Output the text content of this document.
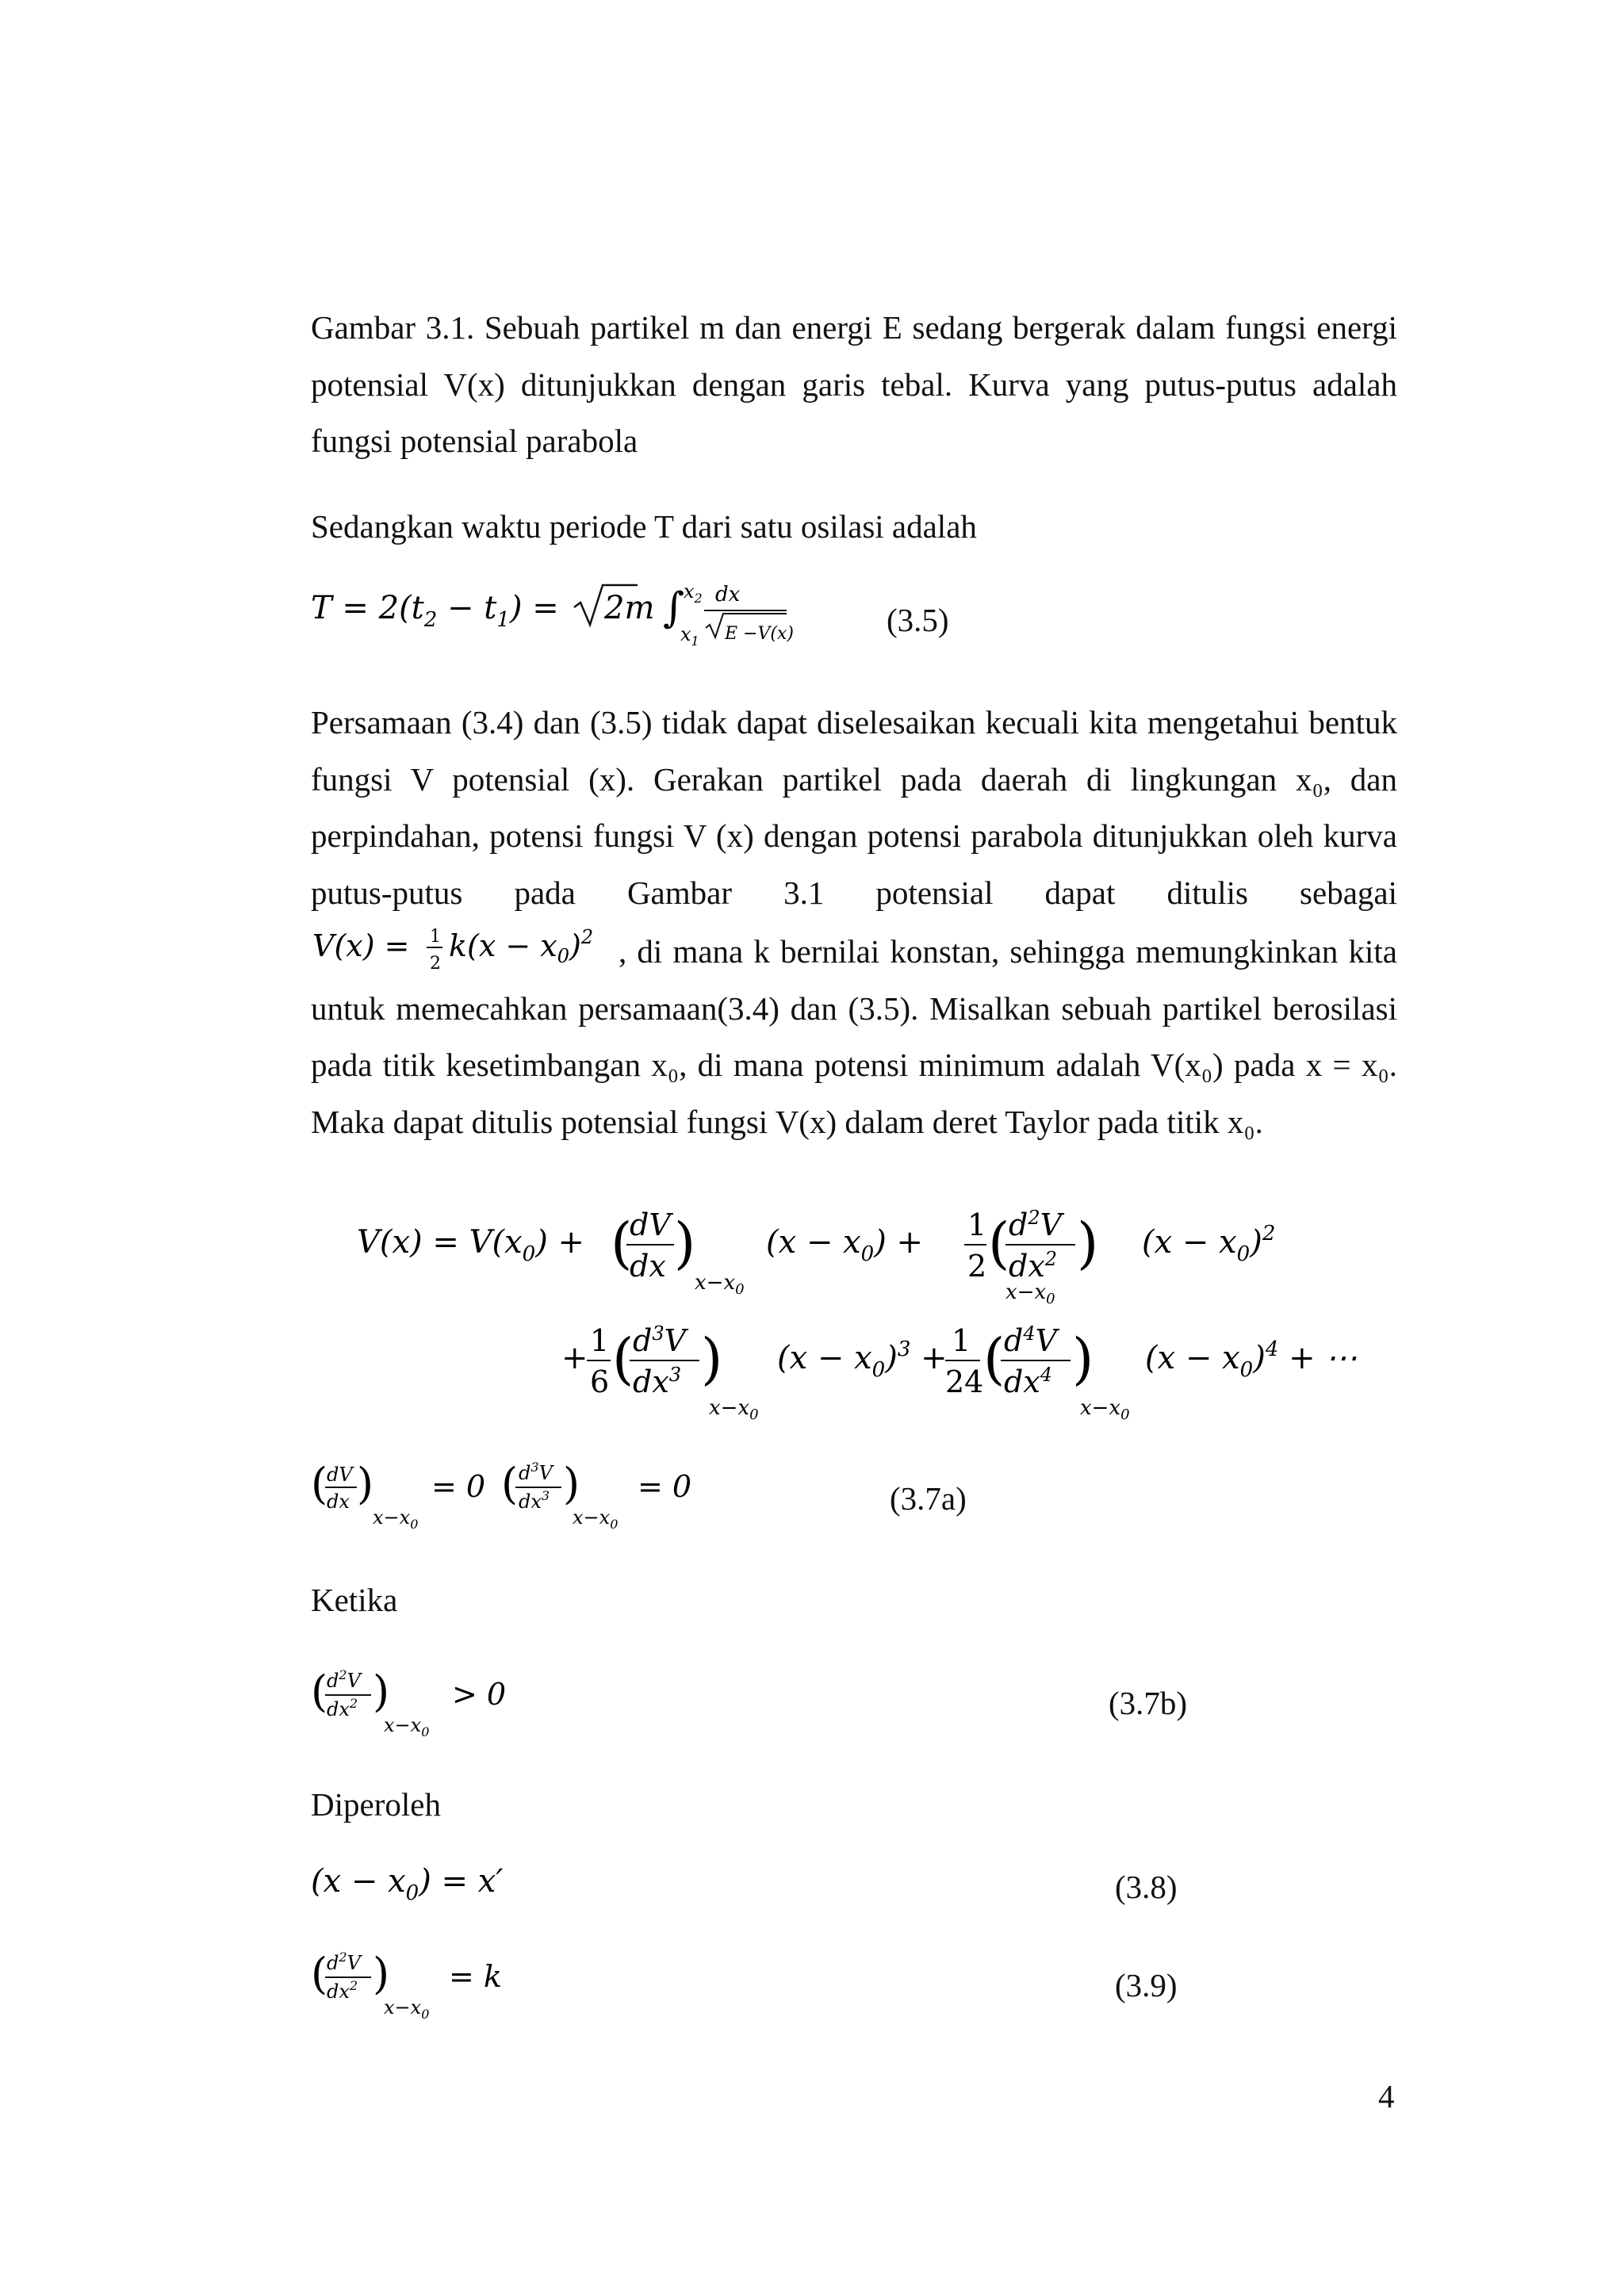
Gambar 3.1. Sebuah partikel m dan energi E sedang bergerak dalam fungsi energi potensial V(x) ditunjukkan dengan garis tebal. Kurva yang putus-putus adalah fungsi potensial parabola
Sedangkan waktu periode T dari satu osilasi adalah
$T = 2(t_2 - t_1) = 2m$ ∫
$x_2$
$x_1$
dx
E −V(x)	(3.5)
Persamaan (3.4) dan (3.5) tidak dapat diselesaikan kecuali kita mengetahui bentuk fungsi V potensial (x). Gerakan partikel pada daerah di lingkungan x₀, dan perpindahan, potensi fungsi V (x) dengan potensi parabola ditunjukkan oleh kurva putus-putus pada Gambar 3.1 potensial dapat ditulis sebagai
V(x) = 1
2
$k(x - x_0)^2$ , di mana k bernilai konstan, sehingga memungkinkan kita untuk memecahkan persamaan(3.4) dan (3.5). Misalkan sebuah partikel berosilasi pada titik kesetimbangan x₀, di mana potensi minimum adalah V(x₀) pada x = x₀. Maka dapat ditulis potensial fungsi V(x) dalam deret Taylor pada titik x₀.
$V(x) = V(x_0)$ + (
dV
dx )
$x-x_0$
$(x - x_0) + 1$
2 (
$d^2V$
$dx^2$ )
$x-x_0$
$(x - x_0)^2$
+ 1
6 (
$d^3V$
$dx^3$ )
$x-x_0$
$(x - x_0)^3 + 1$
24 (
$d^4V$
$dx^4$ )
$x-x_0$
$(x - x_0)^4$ + ⋯
(
dV
dx )
$x-x_0$
= 0 ( $d^3V$
$dx^3$ )
$x-x_0$
= 0	(3.7a)
Ketika
(
$d^2V$
$dx^2$ )
$x-x_0$
> 0	(3.7b)
Diperoleh
$(x - x_0) = x'$	(3.8)
(
$d^2V$
$dx^2$ )
$x-x_0$
= k	(3.9)
4
